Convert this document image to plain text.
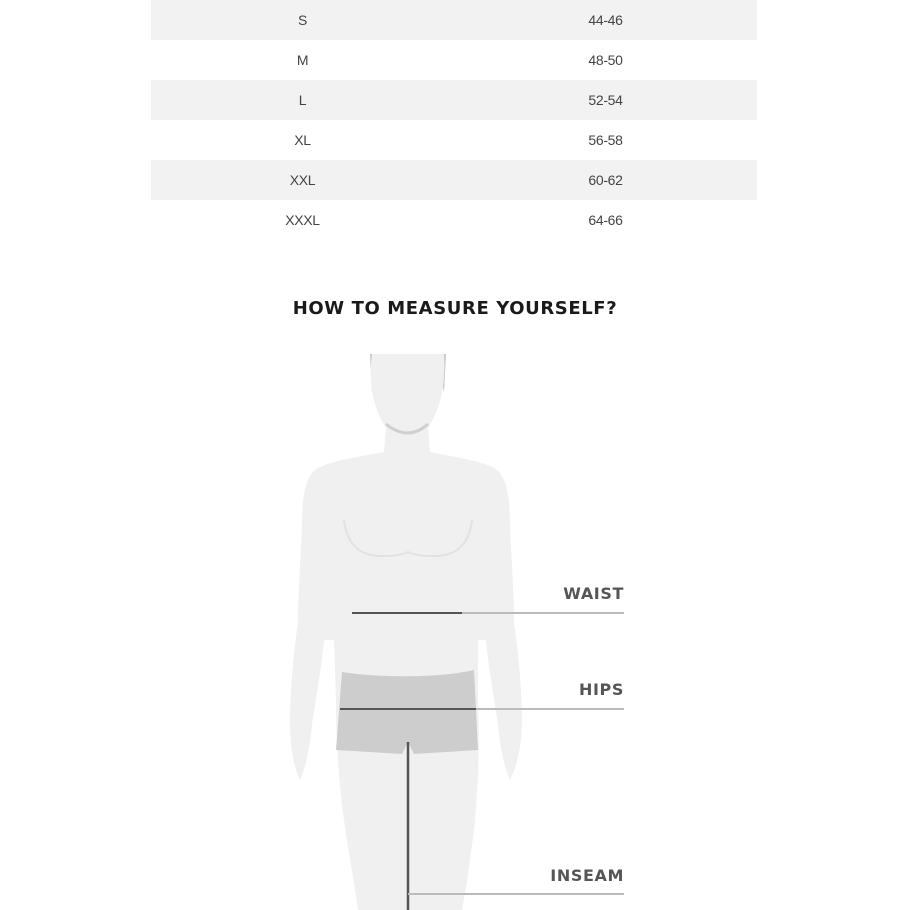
S	44-46
M	48-50
L	52-54
XL	56-58
XXL	60-62
XXXL	64-66
HOW TO MEASURE YOURSELF?
WAIST
HIPS
INSEAM
